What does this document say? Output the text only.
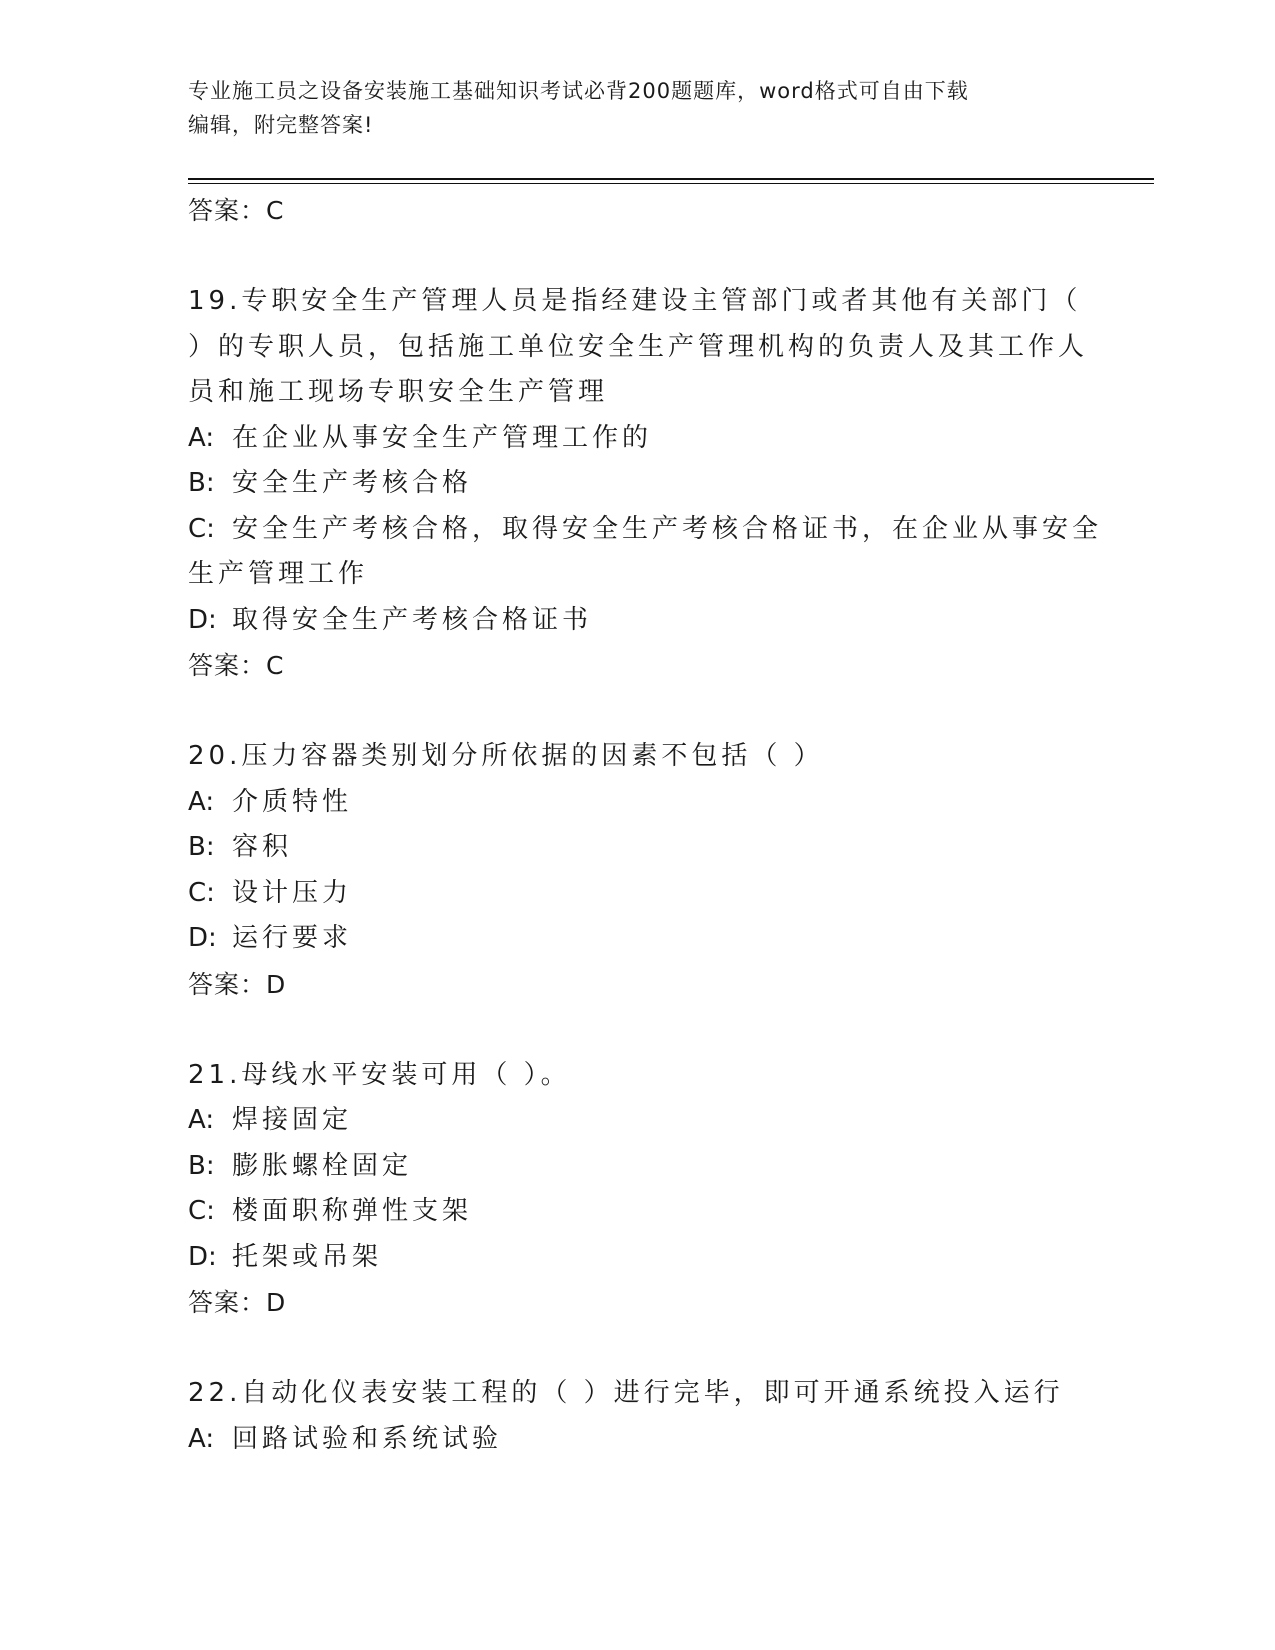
专业施工员之设备安装施工基础知识考试必背200题题库，word格式可自由下载
编辑，附完整答案!
答案：C
19.专职安全生产管理人员是指经建设主管部门或者其他有关部门（
）的专职人员，包括施工单位安全生产管理机构的负责人及其工作人
员和施工现场专职安全生产管理
A: 在企业从事安全生产管理工作的
B: 安全生产考核合格
C: 安全生产考核合格，取得安全生产考核合格证书，在企业从事安全
生产管理工作
D: 取得安全生产考核合格证书
答案：C
20.压力容器类别划分所依据的因素不包括（ ）
A: 介质特性
B: 容积
C: 设计压力
D: 运行要求
答案：D
21.母线水平安装可用（ ）。
A: 焊接固定
B: 膨胀螺栓固定
C: 楼面职称弹性支架
D: 托架或吊架
答案：D
22.自动化仪表安装工程的（ ）进行完毕，即可开通系统投入运行
A: 回路试验和系统试验
